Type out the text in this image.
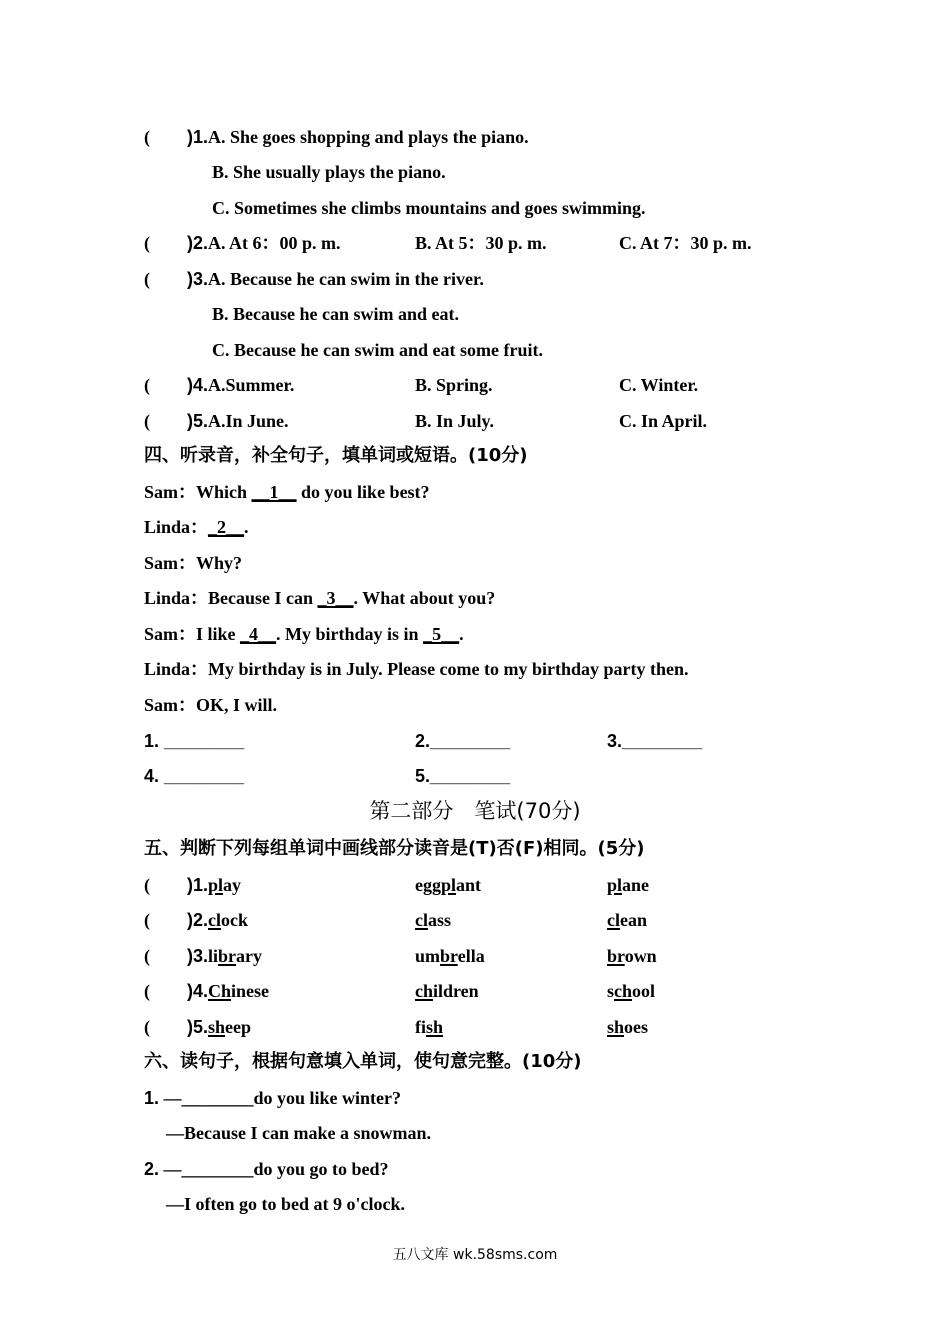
( )1.A. She goes shopping and plays the piano.
B. She usually plays the piano.
C. Sometimes she climbs mountains and goes swimming.
( )2.A. At 6：00 p. m.	B. At 5：30 p. m.	C. At 7：30 p. m.
( )3.A. Because he can swim in the river.
B. Because he can swim and eat.
C. Because he can swim and eat some fruit.
( )4.A.Summer.	B. Spring.	C. Winter.
( )5.A.In June.	B. In July.	C. In April.
四、听录音，补全句子，填单词或短语。(10分)
Sam：Which __1__ do you like best?
Linda：_2__.
Sam：Why?
Linda：Because I can _3__. What about you?
Sam：I like _4__. My birthday is in _5__.
Linda：My birthday is in July. Please come to my birthday party then.
Sam：OK, I will.
1. ________	2.________	3.________
4. ________	5.________
第二部分　笔试(70分)
五、判断下列每组单词中画线部分读音是(T)否(F)相同。(5分)
( )1.play	eggplant	plane
( )2.clock	class	clean
( )3.library	umbrella	brown
( )4.Chinese	children	school
( )5.sheep	fish	shoes
六、读句子，根据句意填入单词，使句意完整。(10分)
1. —________do you like winter?
—Because I can make a snowman.
2. —________do you go to bed?
—I often go to bed at 9 o'clock.
五八文库 wk.58sms.com
